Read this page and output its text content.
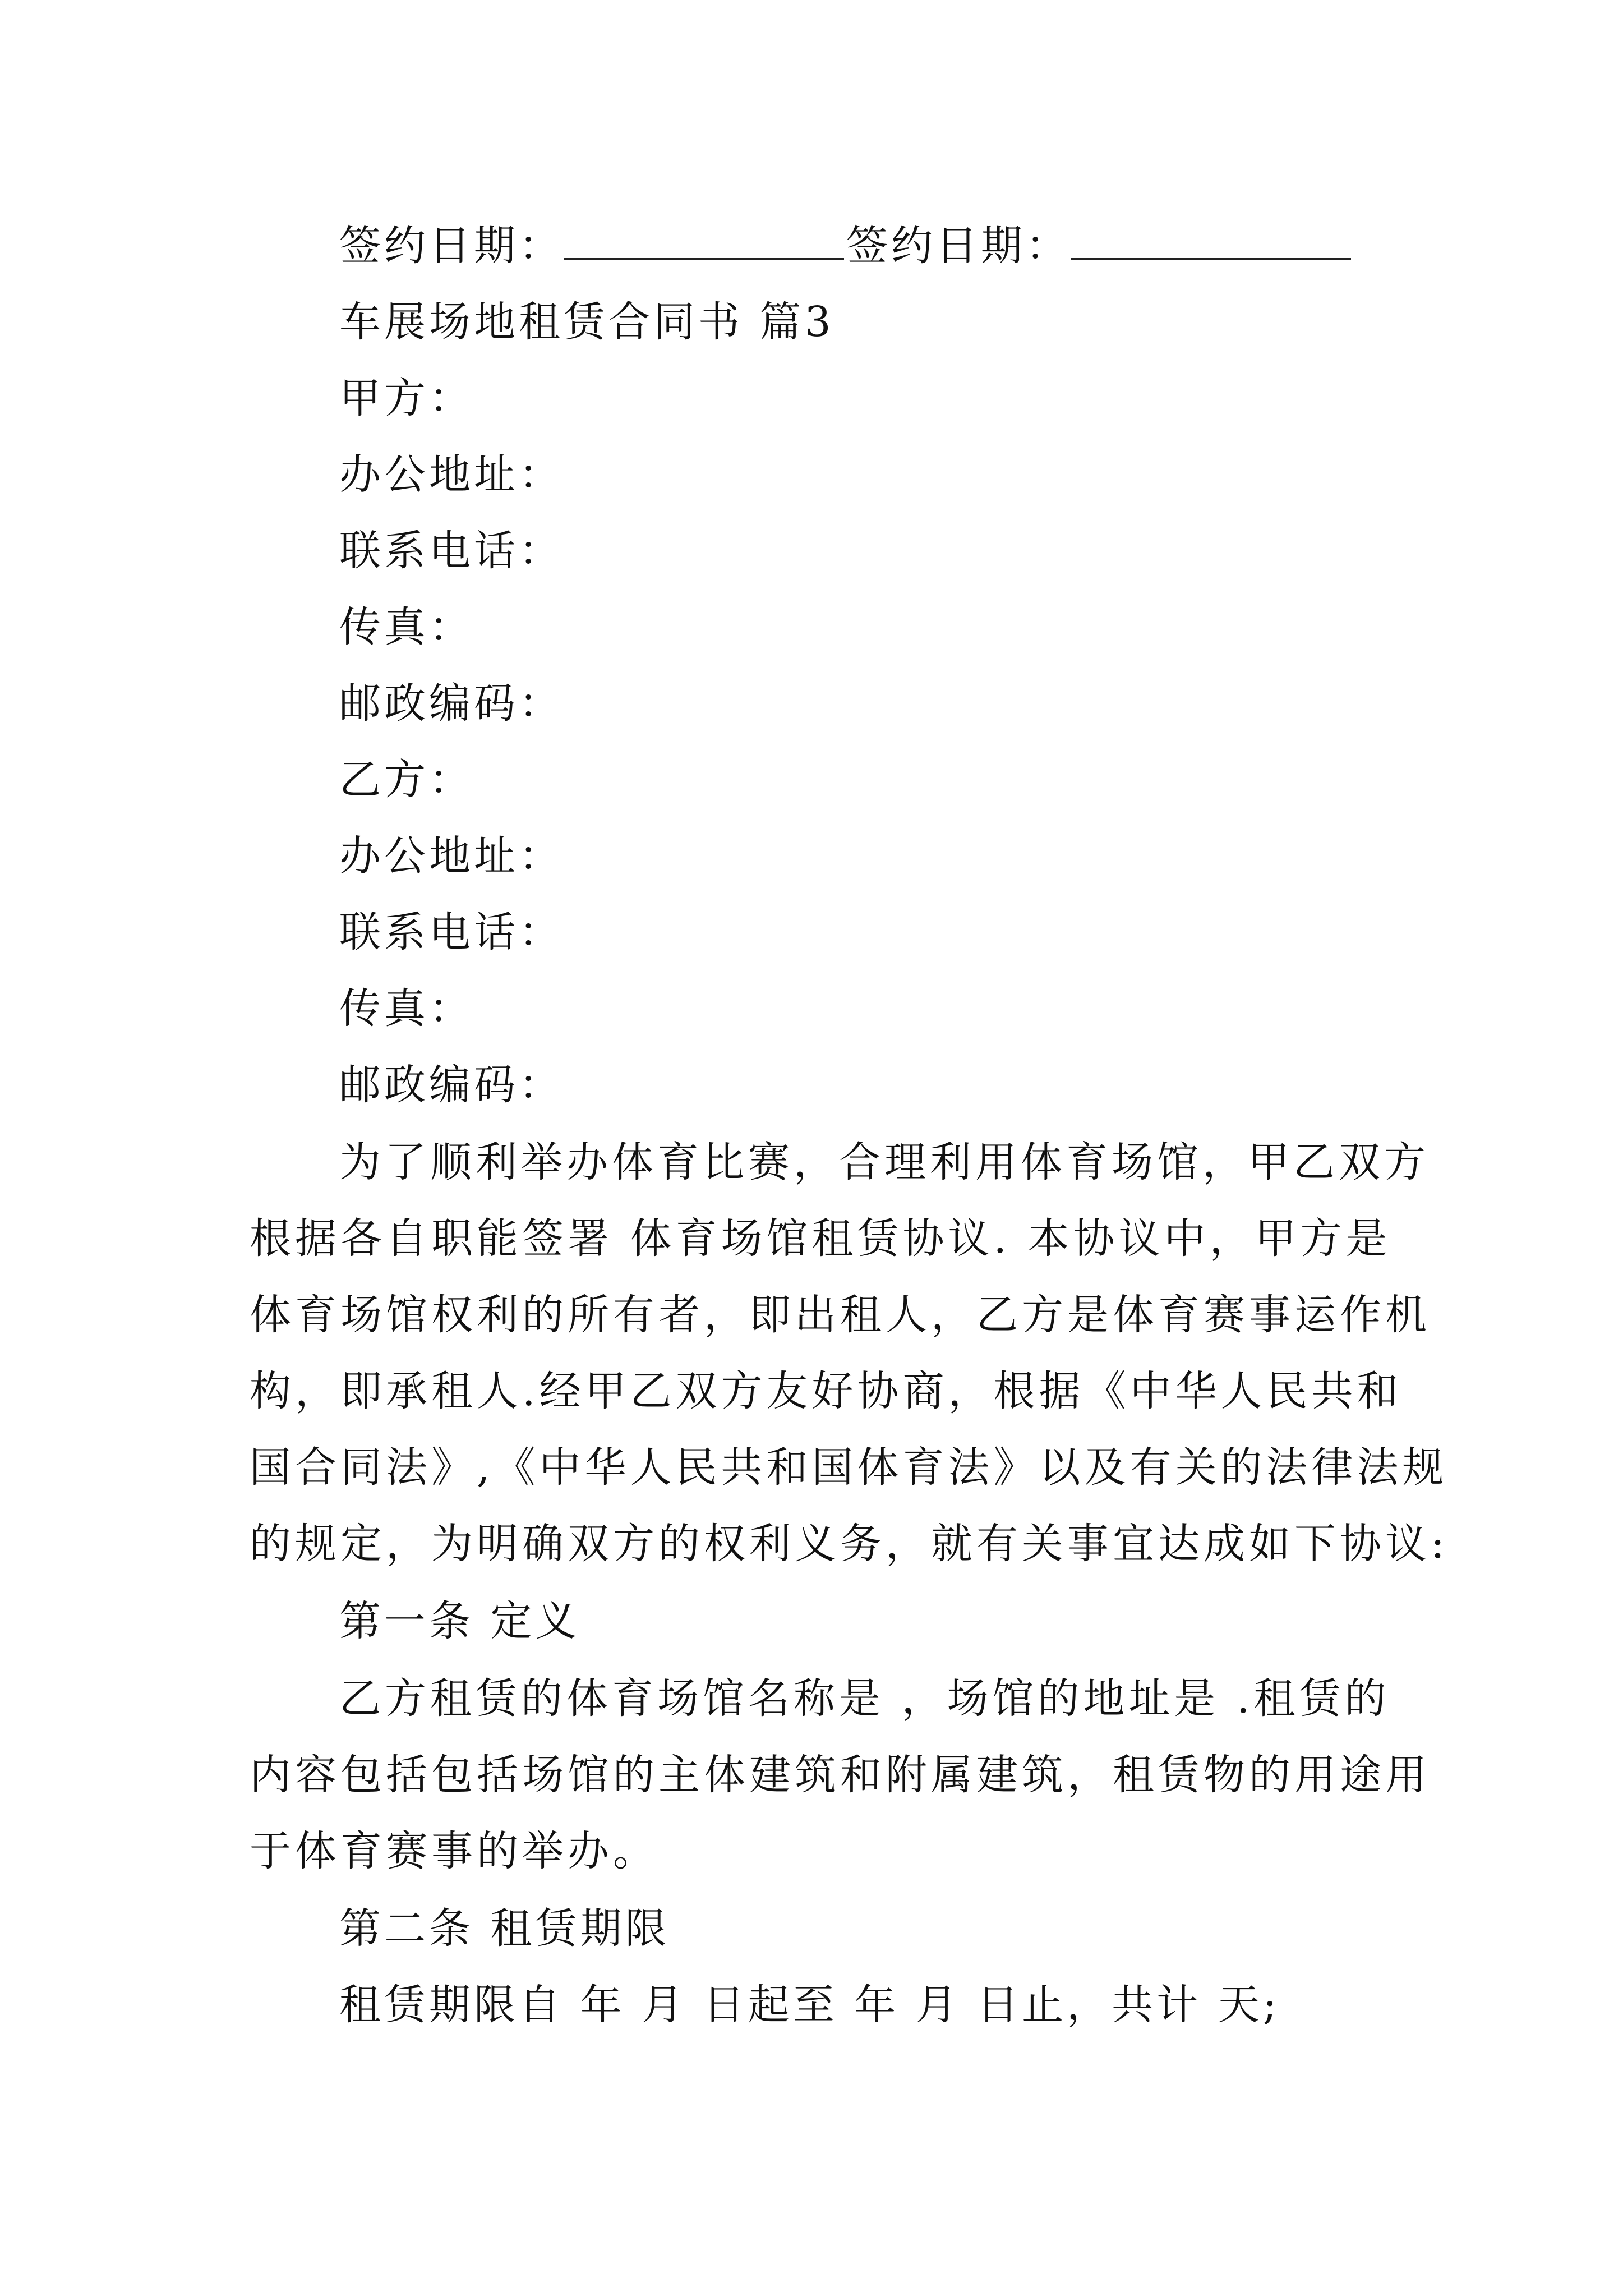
签约日期：	签约日期：
车展场地租赁合同书 篇3
甲方：
办公地址：
联系电话：
传真：
邮政编码：
乙方：
办公地址：
联系电话：
传真：
邮政编码：
为了顺利举办体育比赛，合理利用体育场馆，甲乙双方
根据各自职能签署 体育场馆租赁协议. 本协议中，甲方是
体育场馆权利的所有者，即出租人，乙方是体育赛事运作机
构，即承租人.经甲乙双方友好协商，根据《中华人民共和
国合同法》,《中华人民共和国体育法》以及有关的法律法规
的规定，为明确双方的权利义务，就有关事宜达成如下协议:
第一条 定义
乙方租赁的体育场馆名称是 ，场馆的地址是 .租赁的
内容包括包括场馆的主体建筑和附属建筑，租赁物的用途用
于体育赛事的举办。
第二条 租赁期限
租赁期限自 年 月 日起至 年 月 日止，共计 天;
